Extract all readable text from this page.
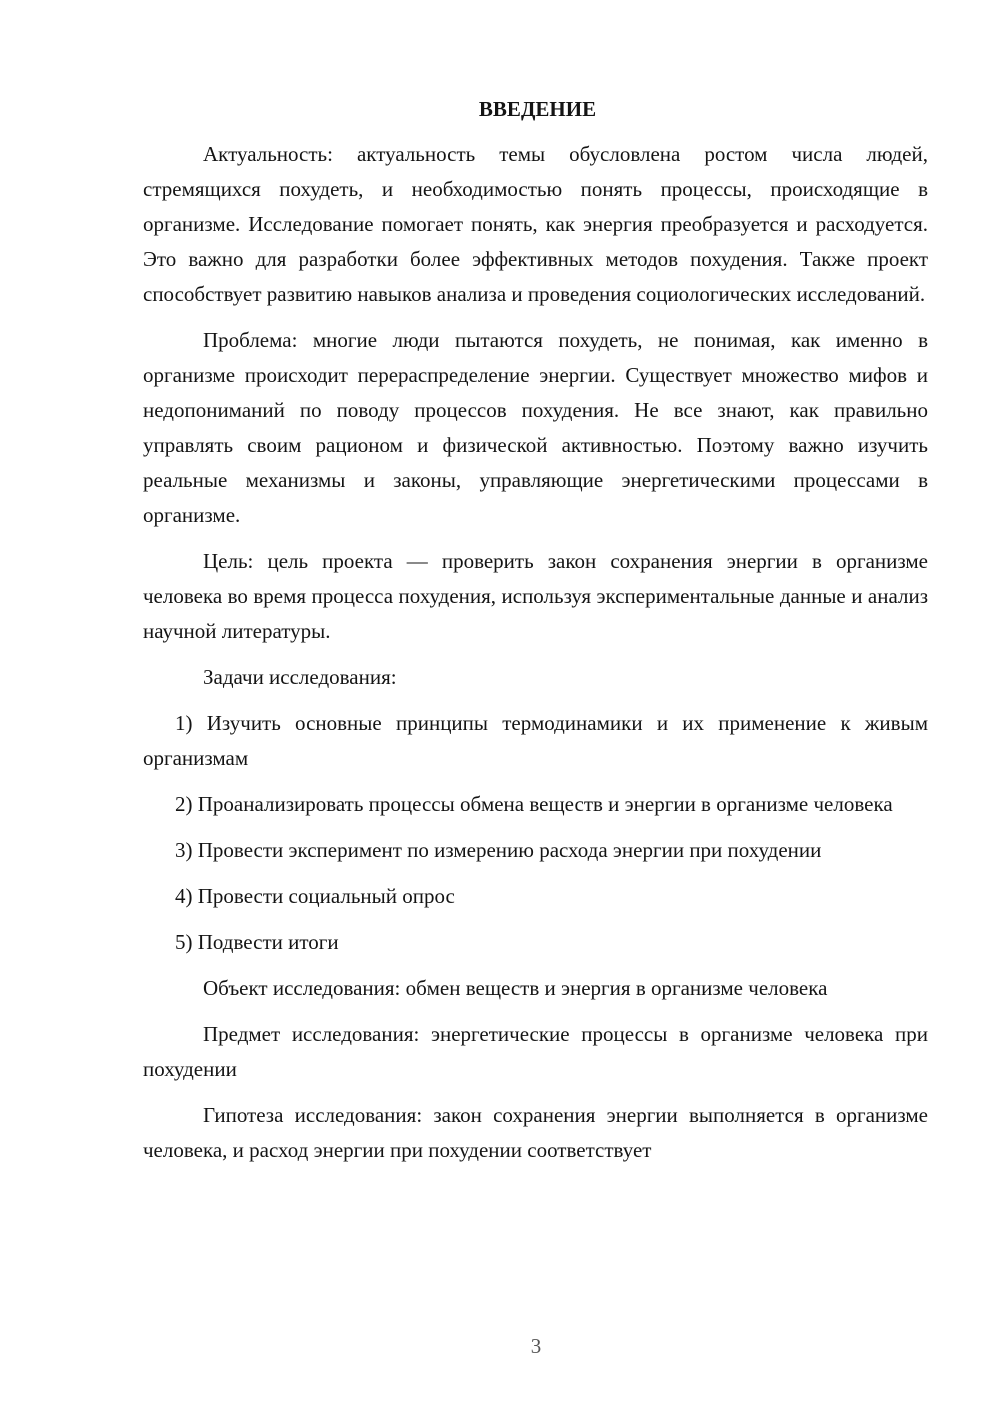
ВВЕДЕНИЕ

Актуальность: актуальность темы обусловлена ростом числа людей, стремящихся похудеть, и необходимостью понять процессы, происходящие в организме. Исследование помогает понять, как энергия преобразуется и расходуется. Это важно для разработки более эффективных методов похудения. Также проект способствует развитию навыков анализа и проведения социологических исследований.

Проблема: многие люди пытаются похудеть, не понимая, как именно в организме происходит перераспределение энергии. Существует множество мифов и недопониманий по поводу процессов похудения. Не все знают, как правильно управлять своим рационом и физической активностью. Поэтому важно изучить реальные механизмы и законы, управляющие энергетическими процессами в организме.

Цель: цель проекта — проверить закон сохранения энергии в организме человека во время процесса похудения, используя экспериментальные данные и анализ научной литературы.

Задачи исследования:

1) Изучить основные принципы термодинамики и их применение к живым организмам

2) Проанализировать процессы обмена веществ и энергии в организме человека

3) Провести эксперимент по измерению расхода энергии при похудении

4) Провести социальный опрос

5) Подвести итоги

Объект исследования: обмен веществ и энергия в организме человека

Предмет исследования: энергетические процессы в организме человека при похудении

Гипотеза исследования: закон сохранения энергии выполняется в организме человека, и расход энергии при похудении соответствует

3
